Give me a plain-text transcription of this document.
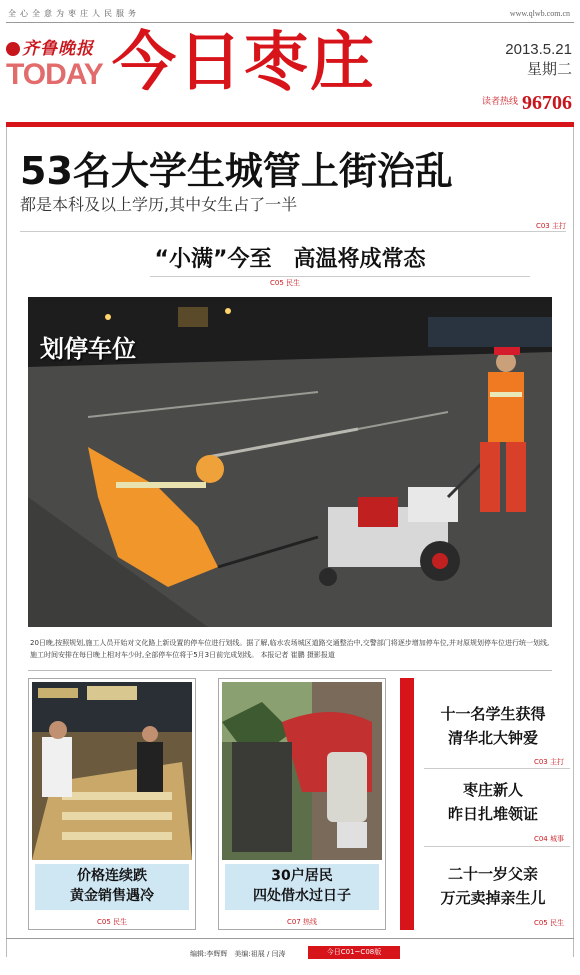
全心全意为枣庄人民服务	www.qlwb.com.cn
齐鲁晚报
TODAY 今日枣庄	2013.5.21
星期二
$^{读者热线}$ 96706
53名大学生城管上街治乱
都是本科及以上学历,其中女生占了一半
C03 主打
“小满”今至　高温将成常态
C05 民生
划停车位
20日晚,按照规划,施工人员开始对文化路上新设置的停车位进行划线。据了解,临水农场城区道路交通整治中,交警部门将逐步增加停车位,并对原规划停车位进行统一划线,施工时间安排在每日晚上相对车少时,全部停车位将于5月3日前完成划线。 本报记者 崔鹏 摄影报道
价格连续跌
黄金销售遇冷
C05 民生
30户居民
四处借水过日子
C07 热线
十一名学生获得
清华北大钟爱
C03 主打
枣庄新人
昨日扎堆领证
C04 城事
二十一岁父亲
万元卖掉亲生儿
C05 民生
编辑:李辉辉　美编:祖展 / 闫涛	今日C01~C08版
